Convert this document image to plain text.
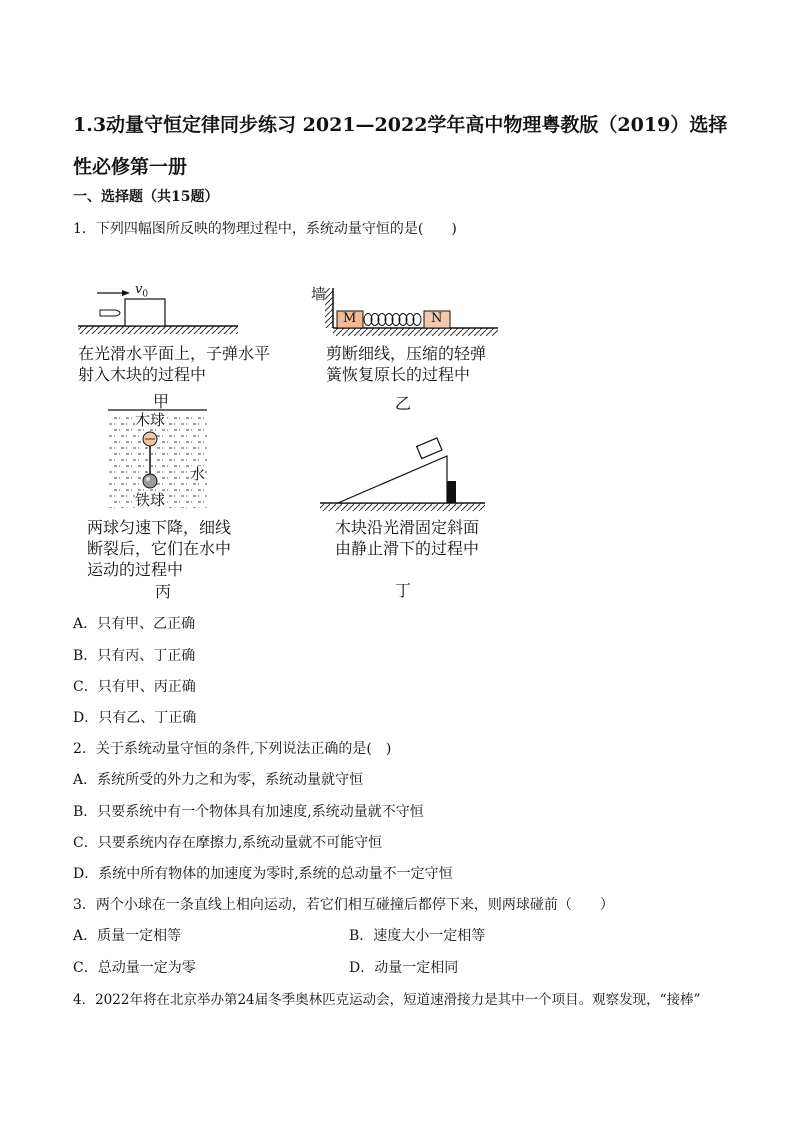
1.3动量守恒定律同步练习 2021—2022学年高中物理粤教版（2019）选择性必修第一册
一、选择题（共15题）
1．下列四幅图所反映的物理过程中，系统动量守恒的是(　　)
$v_0$
在光滑水平面上，子弹水平
射入木块的过程中
甲
墙
M	N
剪断细线，压缩的轻弹
簧恢复原长的过程中
乙
木球
水
铁球
两球匀速下降，细线
断裂后，它们在水中
运动的过程中
丙
木块沿光滑固定斜面
由静止滑下的过程中
丁
A．只有甲、乙正确
B．只有丙、丁正确
C．只有甲、丙正确
D．只有乙、丁正确
2．关于系统动量守恒的条件,下列说法正确的是(　)
A．系统所受的外力之和为零，系统动量就守恒
B．只要系统中有一个物体具有加速度,系统动量就不守恒
C．只要系统内存在摩擦力,系统动量就不可能守恒
D．系统中所有物体的加速度为零时,系统的总动量不一定守恒
3．两个小球在一条直线上相向运动，若它们相互碰撞后都停下来，则两球碰前（　　）
A．质量一定相等	B．速度大小一定相等
C．总动量一定为零	D．动量一定相同
4．2022年将在北京举办第24届冬季奥林匹克运动会，短道速滑接力是其中一个项目。观察发现，“接棒”
